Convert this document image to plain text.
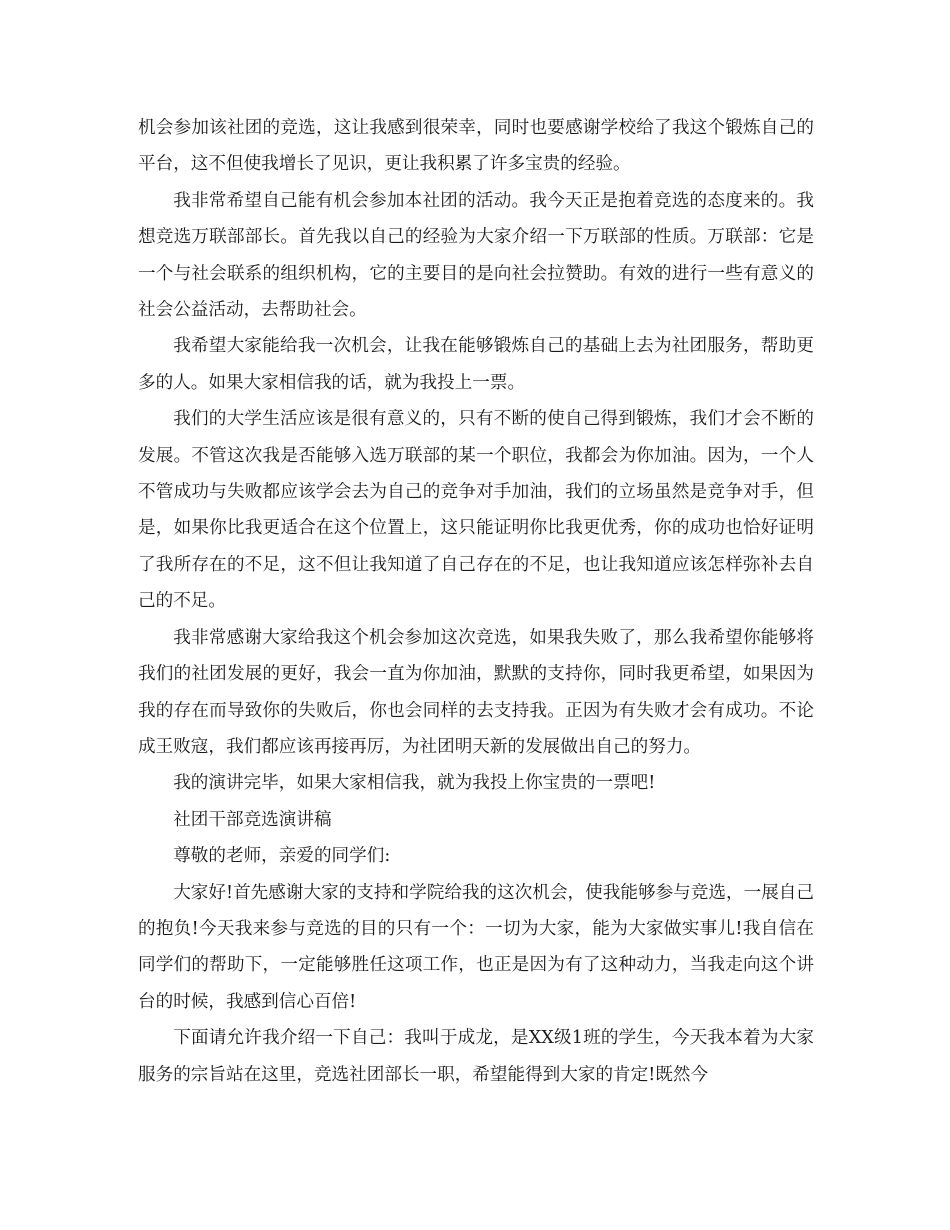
机会参加该社团的竞选，这让我感到很荣幸，同时也要感谢学校给了我这个锻炼自己的平台，这不但使我增长了见识，更让我积累了许多宝贵的经验。

我非常希望自己能有机会参加本社团的活动。我今天正是抱着竞选的态度来的。我想竞选万联部部长。首先我以自己的经验为大家介绍一下万联部的性质。万联部：它是一个与社会联系的组织机构，它的主要目的是向社会拉赞助。有效的进行一些有意义的社会公益活动，去帮助社会。

我希望大家能给我一次机会，让我在能够锻炼自己的基础上去为社团服务，帮助更多的人。如果大家相信我的话，就为我投上一票。

我们的大学生活应该是很有意义的，只有不断的使自己得到锻炼，我们才会不断的发展。不管这次我是否能够入选万联部的某一个职位，我都会为你加油。因为，一个人不管成功与失败都应该学会去为自己的竞争对手加油，我们的立场虽然是竞争对手，但是，如果你比我更适合在这个位置上，这只能证明你比我更优秀，你的成功也恰好证明了我所存在的不足，这不但让我知道了自己存在的不足，也让我知道应该怎样弥补去自己的不足。

我非常感谢大家给我这个机会参加这次竞选，如果我失败了，那么我希望你能够将我们的社团发展的更好，我会一直为你加油，默默的支持你，同时我更希望，如果因为我的存在而导致你的失败后，你也会同样的去支持我。正因为有失败才会有成功。不论成王败寇，我们都应该再接再厉，为社团明天新的发展做出自己的努力。

我的演讲完毕，如果大家相信我，就为我投上你宝贵的一票吧!

社团干部竞选演讲稿

尊敬的老师，亲爱的同学们:

大家好!首先感谢大家的支持和学院给我的这次机会，使我能够参与竞选，一展自己的抱负!今天我来参与竞选的目的只有一个：一切为大家，能为大家做实事儿!我自信在同学们的帮助下，一定能够胜任这项工作，也正是因为有了这种动力，当我走向这个讲台的时候，我感到信心百倍!

下面请允许我介绍一下自己：我叫于成龙，是XX级1班的学生，今天我本着为大家服务的宗旨站在这里，竞选社团部长一职，希望能得到大家的肯定!既然今
